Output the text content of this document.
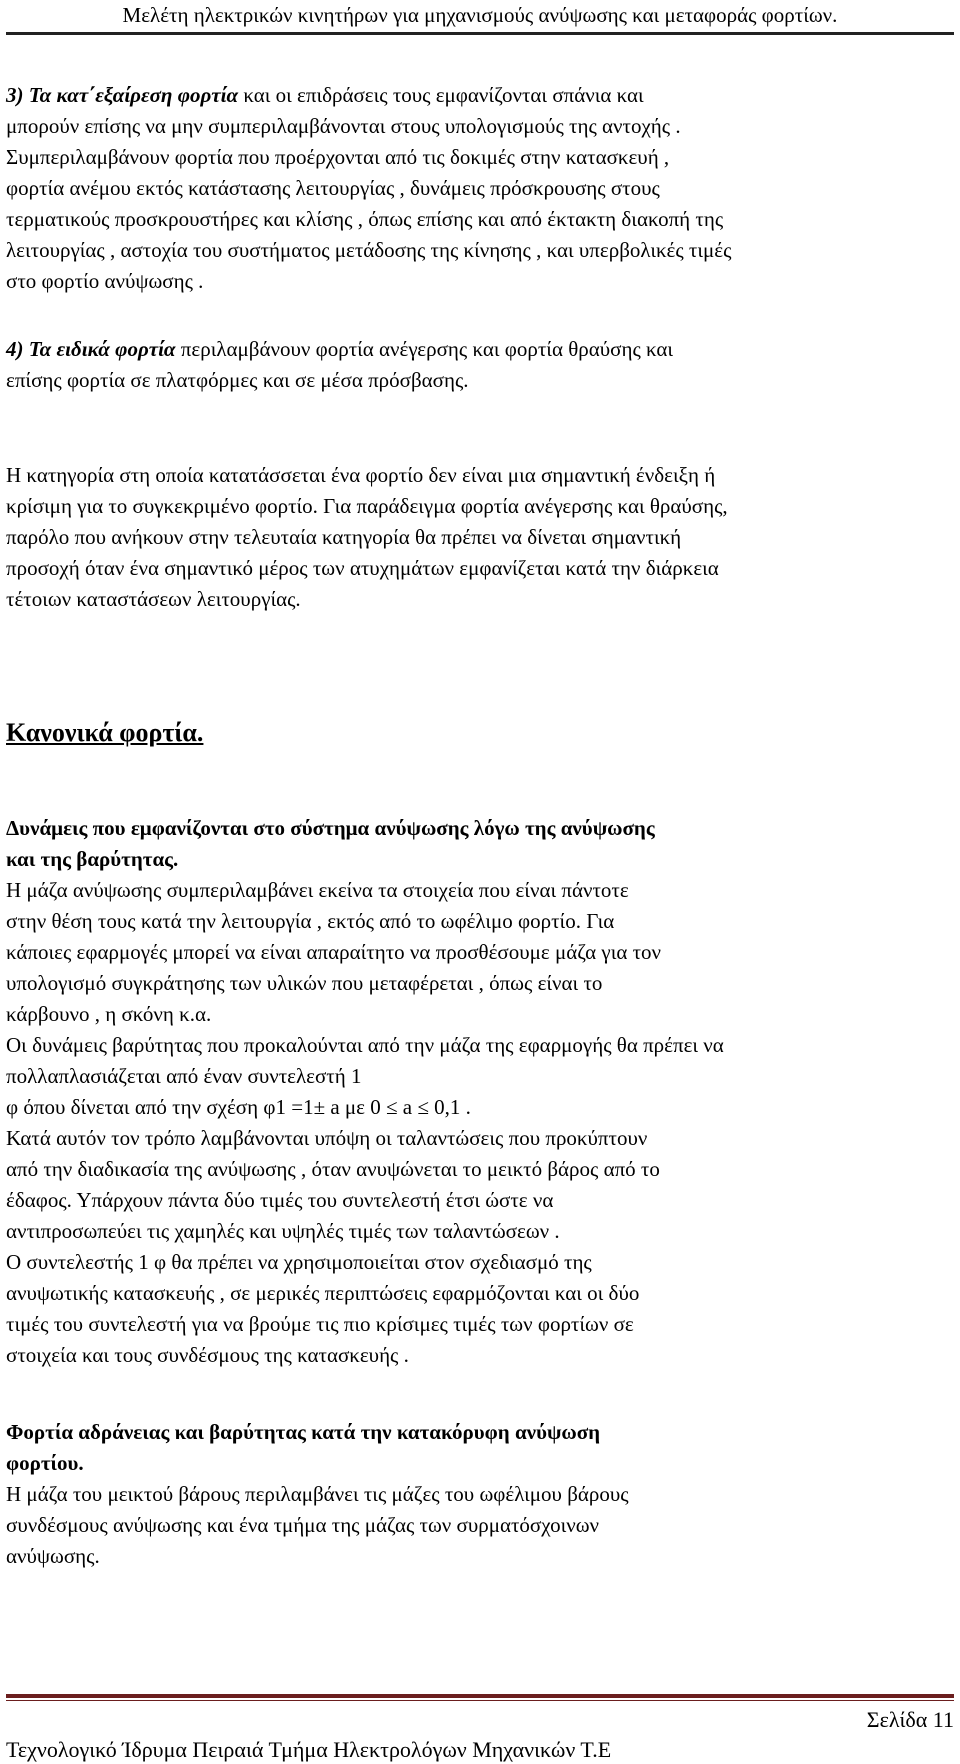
Μελέτη ηλεκτρικών κινητήρων για μηχανισμούς ανύψωσης και μεταφοράς φορτίων.

3) Τα κατ΄εξαίρεση φορτία και οι επιδράσεις τους εμφανίζονται σπάνια και
μπορούν επίσης να μην συμπεριλαμβάνονται στους υπολογισμούς της αντοχής .
Συμπεριλαμβάνουν φορτία που προέρχονται από τις δοκιμές στην κατασκευή ,
φορτία ανέμου εκτός κατάστασης λειτουργίας , δυνάμεις πρόσκρουσης στους
τερματικούς προσκρουστήρες και κλίσης , όπως επίσης και από έκτακτη διακοπή της
λειτουργίας , αστοχία του συστήματος μετάδοσης της κίνησης , και υπερβολικές τιμές
στο φορτίο ανύψωσης .

4) Τα ειδικά φορτία περιλαμβάνουν φορτία ανέγερσης και φορτία θραύσης και
επίσης φορτία σε πλατφόρμες και σε μέσα πρόσβασης.

Η κατηγορία στη οποία κατατάσσεται ένα φορτίο δεν είναι μια σημαντική ένδειξη ή
κρίσιμη για το συγκεκριμένο φορτίο. Για παράδειγμα φορτία ανέγερσης και θραύσης,
παρόλο που ανήκουν στην τελευταία κατηγορία θα πρέπει να δίνεται σημαντική
προσοχή όταν ένα σημαντικό μέρος των ατυχημάτων εμφανίζεται κατά την διάρκεια
τέτοιων καταστάσεων λειτουργίας.

Κανονικά φορτία.

Δυνάμεις που εμφανίζονται στο σύστημα ανύψωσης λόγω της ανύψωσης
και της βαρύτητας.
Η μάζα ανύψωσης συμπεριλαμβάνει εκείνα τα στοιχεία που είναι πάντοτε
στην θέση τους κατά την λειτουργία , εκτός από το ωφέλιμο φορτίο. Για
κάποιες εφαρμογές μπορεί να είναι απαραίτητο να προσθέσουμε μάζα για τον
υπολογισμό συγκράτησης των υλικών που μεταφέρεται , όπως είναι το
κάρβουνο , η σκόνη κ.α.
Οι δυνάμεις βαρύτητας που προκαλούνται από την μάζα της εφαρμογής θα πρέπει να
πολλαπλασιάζεται από έναν συντελεστή 1
φ όπου δίνεται από την σχέση φ1 =1± a με 0 ≤ a ≤ 0,1 .
Κατά αυτόν τον τρόπο λαμβάνονται υπόψη οι ταλαντώσεις που προκύπτουν
από την διαδικασία της ανύψωσης , όταν ανυψώνεται το μεικτό βάρος από το
έδαφος. Υπάρχουν πάντα δύο τιμές του συντελεστή έτσι ώστε να
αντιπροσωπεύει τις χαμηλές και υψηλές τιμές των ταλαντώσεων .
Ο συντελεστής 1 φ θα πρέπει να χρησιμοποιείται στον σχεδιασμό της
ανυψωτικής κατασκευής , σε μερικές περιπτώσεις εφαρμόζονται και οι δύο
τιμές του συντελεστή για να βρούμε τις πιο κρίσιμες τιμές των φορτίων σε
στοιχεία και τους συνδέσμους της κατασκευής .

Φορτία αδράνειας και βαρύτητας κατά την κατακόρυφη ανύψωση
φορτίου.
Η μάζα του μεικτού βάρους περιλαμβάνει τις μάζες του ωφέλιμου βάρους
συνδέσμους ανύψωσης και ένα τμήμα της μάζας των συρματόσχοινων
ανύψωσης.

Σελίδα 11
Τεχνολογικό Ίδρυμα Πειραιά Τμήμα Ηλεκτρολόγων Μηχανικών Τ.Ε
